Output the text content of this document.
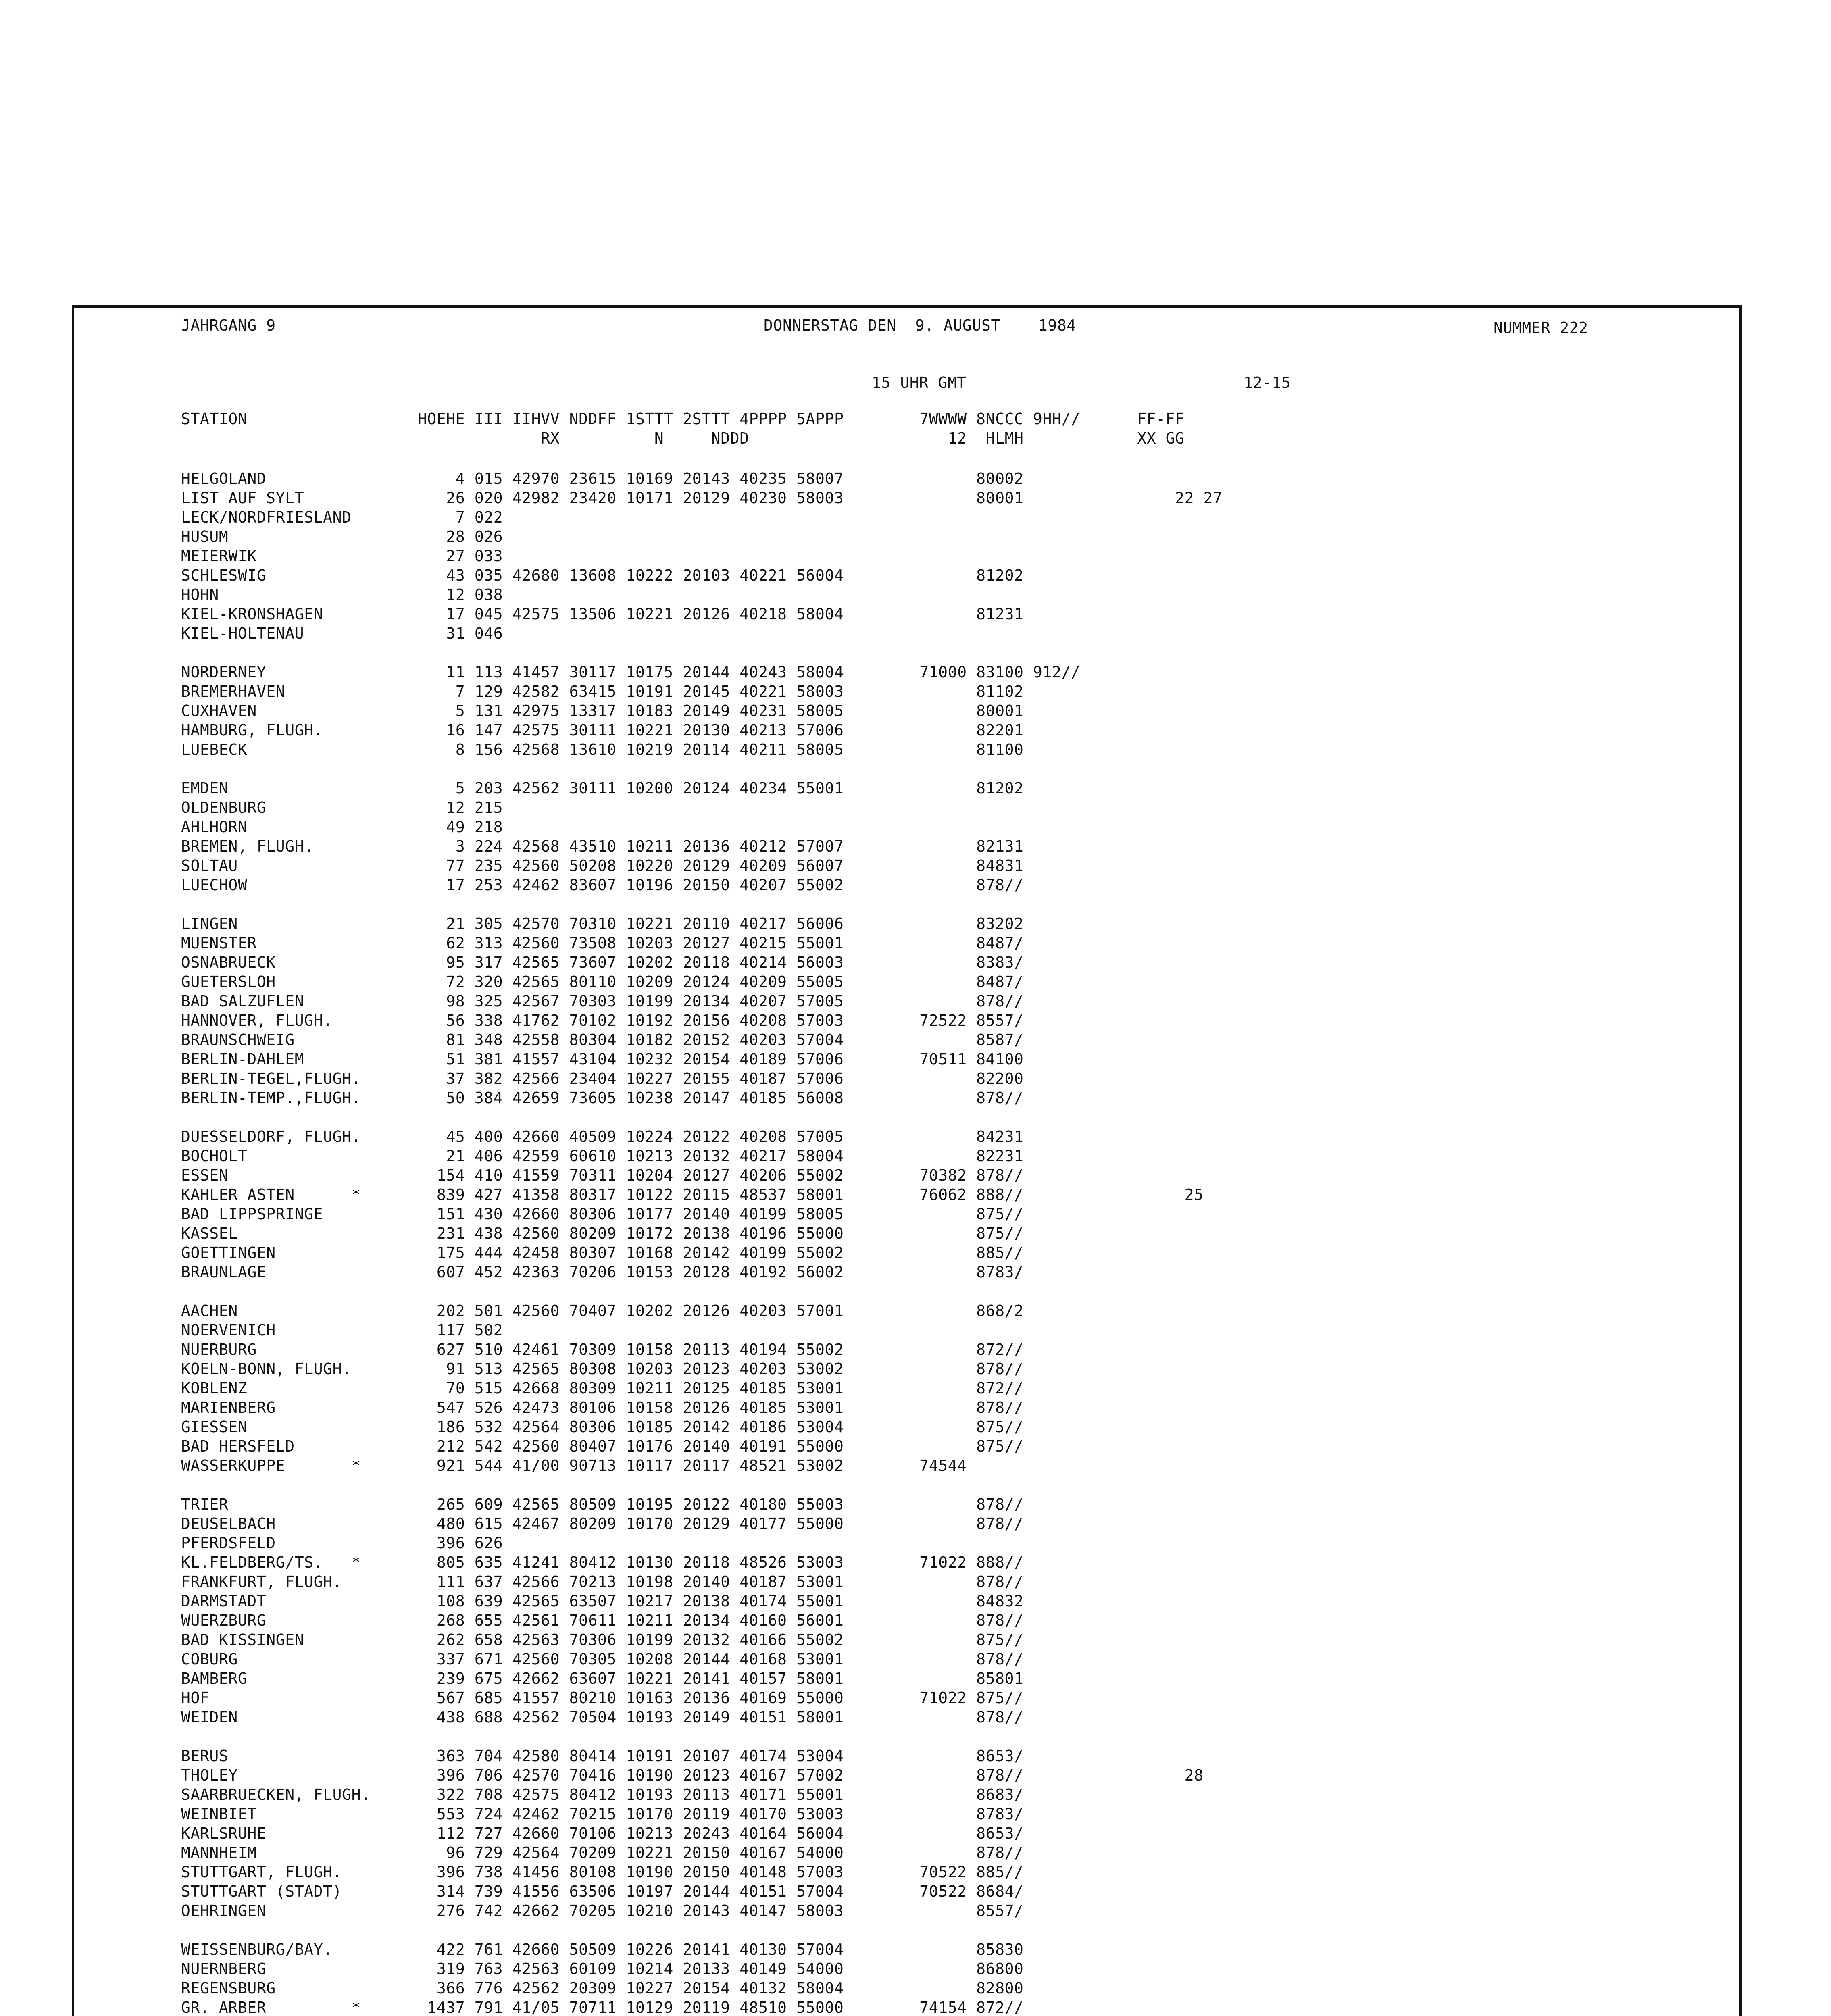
JAHRGANG 9	DONNERSTAG DEN  9. AUGUST    1984	NUMMER 222
15 UHR GMT	12-15
STATION                  HOEHE III IIHVV NDDFF 1STTT 2STTT 4PPPP 5APPP        7WWWW 8NCCC 9HH//      FF-FF
RX          N     NDDD                     12  HLMH            XX GG
HELGOLAND                    4 015 42970 23615 10169 20143 40235 58007              80002
LIST AUF SYLT               26 020 42982 23420 10171 20129 40230 58003              80001                22 27
LECK/NORDFRIESLAND           7 022
HUSUM                       28 026
MEIERWIK                    27 033
SCHLESWIG                   43 035 42680 13608 10222 20103 40221 56004              81202
HOHN                        12 038
KIEL-KRONSHAGEN             17 045 42575 13506 10221 20126 40218 58004              81231
KIEL-HOLTENAU               31 046
NORDERNEY                   11 113 41457 30117 10175 20144 40243 58004        71000 83100 912//
BREMERHAVEN                  7 129 42582 63415 10191 20145 40221 58003              81102
CUXHAVEN                     5 131 42975 13317 10183 20149 40231 58005              80001
HAMBURG, FLUGH.             16 147 42575 30111 10221 20130 40213 57006              82201
LUEBECK                      8 156 42568 13610 10219 20114 40211 58005              81100
EMDEN                        5 203 42562 30111 10200 20124 40234 55001              81202
OLDENBURG                   12 215
AHLHORN                     49 218
BREMEN, FLUGH.               3 224 42568 43510 10211 20136 40212 57007              82131
SOLTAU                      77 235 42560 50208 10220 20129 40209 56007              84831
LUECHOW                     17 253 42462 83607 10196 20150 40207 55002              878//
LINGEN                      21 305 42570 70310 10221 20110 40217 56006              83202
MUENSTER                    62 313 42560 73508 10203 20127 40215 55001              8487/
OSNABRUECK                  95 317 42565 73607 10202 20118 40214 56003              8383/
GUETERSLOH                  72 320 42565 80110 10209 20124 40209 55005              8487/
BAD SALZUFLEN               98 325 42567 70303 10199 20134 40207 57005              878//
HANNOVER, FLUGH.            56 338 41762 70102 10192 20156 40208 57003        72522 8557/
BRAUNSCHWEIG                81 348 42558 80304 10182 20152 40203 57004              8587/
BERLIN-DAHLEM               51 381 41557 43104 10232 20154 40189 57006        70511 84100
BERLIN-TEGEL,FLUGH.         37 382 42566 23404 10227 20155 40187 57006              82200
BERLIN-TEMP.,FLUGH.         50 384 42659 73605 10238 20147 40185 56008              878//
DUESSELDORF, FLUGH.         45 400 42660 40509 10224 20122 40208 57005              84231
BOCHOLT                     21 406 42559 60610 10213 20132 40217 58004              82231
ESSEN                      154 410 41559 70311 10204 20127 40206 55002        70382 878//
KAHLER ASTEN      *        839 427 41358 80317 10122 20115 48537 58001        76062 888//                 25
BAD LIPPSPRINGE            151 430 42660 80306 10177 20140 40199 58005              875//
KASSEL                     231 438 42560 80209 10172 20138 40196 55000              875//
GOETTINGEN                 175 444 42458 80307 10168 20142 40199 55002              885//
BRAUNLAGE                  607 452 42363 70206 10153 20128 40192 56002              8783/
AACHEN                     202 501 42560 70407 10202 20126 40203 57001              868/2
NOERVENICH                 117 502
NUERBURG                   627 510 42461 70309 10158 20113 40194 55002              872//
KOELN-BONN, FLUGH.          91 513 42565 80308 10203 20123 40203 53002              878//
KOBLENZ                     70 515 42668 80309 10211 20125 40185 53001              872//
MARIENBERG                 547 526 42473 80106 10158 20126 40185 53001              878//
GIESSEN                    186 532 42564 80306 10185 20142 40186 53004              875//
BAD HERSFELD               212 542 42560 80407 10176 20140 40191 55000              875//
WASSERKUPPE       *        921 544 41/00 90713 10117 20117 48521 53002        74544
TRIER                      265 609 42565 80509 10195 20122 40180 55003              878//
DEUSELBACH                 480 615 42467 80209 10170 20129 40177 55000              878//
PFERDSFELD                 396 626
KL.FELDBERG/TS.   *        805 635 41241 80412 10130 20118 48526 53003        71022 888//
FRANKFURT, FLUGH.          111 637 42566 70213 10198 20140 40187 53001              878//
DARMSTADT                  108 639 42565 63507 10217 20138 40174 55001              84832
WUERZBURG                  268 655 42561 70611 10211 20134 40160 56001              878//
BAD KISSINGEN              262 658 42563 70306 10199 20132 40166 55002              875//
COBURG                     337 671 42560 70305 10208 20144 40168 53001              878//
BAMBERG                    239 675 42662 63607 10221 20141 40157 58001              85801
HOF                        567 685 41557 80210 10163 20136 40169 55000        71022 875//
WEIDEN                     438 688 42562 70504 10193 20149 40151 58001              878//
BERUS                      363 704 42580 80414 10191 20107 40174 53004              8653/
THOLEY                     396 706 42570 70416 10190 20123 40167 57002              878//                 28
SAARBRUECKEN, FLUGH.       322 708 42575 80412 10193 20113 40171 55001              8683/
WEINBIET                   553 724 42462 70215 10170 20119 40170 53003              8783/
KARLSRUHE                  112 727 42660 70106 10213 20243 40164 56004              8653/
MANNHEIM                    96 729 42564 70209 10221 20150 40167 54000              878//
STUTTGART, FLUGH.          396 738 41456 80108 10190 20150 40148 57003        70522 885//
STUTTGART (STADT)          314 739 41556 63506 10197 20144 40151 57004        70522 8684/
OEHRINGEN                  276 742 42662 70205 10210 20143 40147 58003              8557/
WEISSENBURG/BAY.           422 761 42660 50509 10226 20141 40130 57004              85830
NUERNBERG                  319 763 42563 60109 10214 20133 40149 54000              86800
REGENSBURG                 366 776 42562 20309 10227 20154 40132 58004              82800
GR. ARBER         *       1437 791 41/05 70711 10129 20119 48510 55000        74154 872//
